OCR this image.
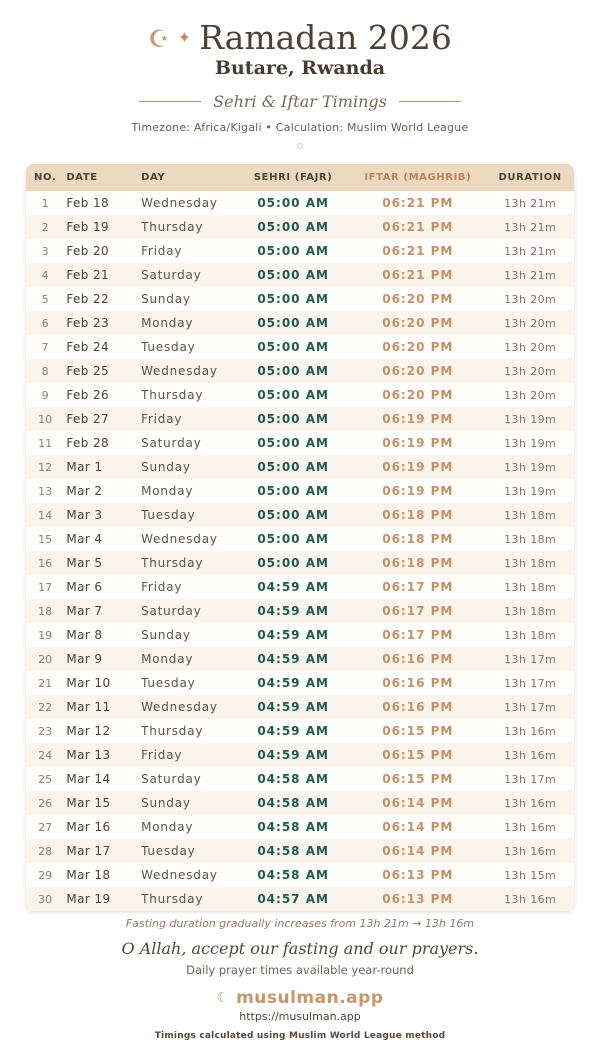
☪ ✦ Ramadan 2026
Butare, Rwanda
Sehri & Iftar Timings
Timezone: Africa/Kigali • Calculation: Muslim World League
◇
NO.	DATE	DAY	SEHRI (FAJR)	IFTAR (MAGHRIB)	DURATION
1	Feb 18	Wednesday	05:00 AM	06:21 PM	13h 21m
2	Feb 19	Thursday	05:00 AM	06:21 PM	13h 21m
3	Feb 20	Friday	05:00 AM	06:21 PM	13h 21m
4	Feb 21	Saturday	05:00 AM	06:21 PM	13h 21m
5	Feb 22	Sunday	05:00 AM	06:20 PM	13h 20m
6	Feb 23	Monday	05:00 AM	06:20 PM	13h 20m
7	Feb 24	Tuesday	05:00 AM	06:20 PM	13h 20m
8	Feb 25	Wednesday	05:00 AM	06:20 PM	13h 20m
9	Feb 26	Thursday	05:00 AM	06:20 PM	13h 20m
10	Feb 27	Friday	05:00 AM	06:19 PM	13h 19m
11	Feb 28	Saturday	05:00 AM	06:19 PM	13h 19m
12	Mar 1	Sunday	05:00 AM	06:19 PM	13h 19m
13	Mar 2	Monday	05:00 AM	06:19 PM	13h 19m
14	Mar 3	Tuesday	05:00 AM	06:18 PM	13h 18m
15	Mar 4	Wednesday	05:00 AM	06:18 PM	13h 18m
16	Mar 5	Thursday	05:00 AM	06:18 PM	13h 18m
17	Mar 6	Friday	04:59 AM	06:17 PM	13h 18m
18	Mar 7	Saturday	04:59 AM	06:17 PM	13h 18m
19	Mar 8	Sunday	04:59 AM	06:17 PM	13h 18m
20	Mar 9	Monday	04:59 AM	06:16 PM	13h 17m
21	Mar 10	Tuesday	04:59 AM	06:16 PM	13h 17m
22	Mar 11	Wednesday	04:59 AM	06:16 PM	13h 17m
23	Mar 12	Thursday	04:59 AM	06:15 PM	13h 16m
24	Mar 13	Friday	04:59 AM	06:15 PM	13h 16m
25	Mar 14	Saturday	04:58 AM	06:15 PM	13h 17m
26	Mar 15	Sunday	04:58 AM	06:14 PM	13h 16m
27	Mar 16	Monday	04:58 AM	06:14 PM	13h 16m
28	Mar 17	Tuesday	04:58 AM	06:14 PM	13h 16m
29	Mar 18	Wednesday	04:58 AM	06:13 PM	13h 15m
30	Mar 19	Thursday	04:57 AM	06:13 PM	13h 16m
Fasting duration gradually increases from 13h 21m → 13h 16m
O Allah, accept our fasting and our prayers.
Daily prayer times available year-round
☾ musulman.app
https://musulman.app
Timings calculated using Muslim World League method
